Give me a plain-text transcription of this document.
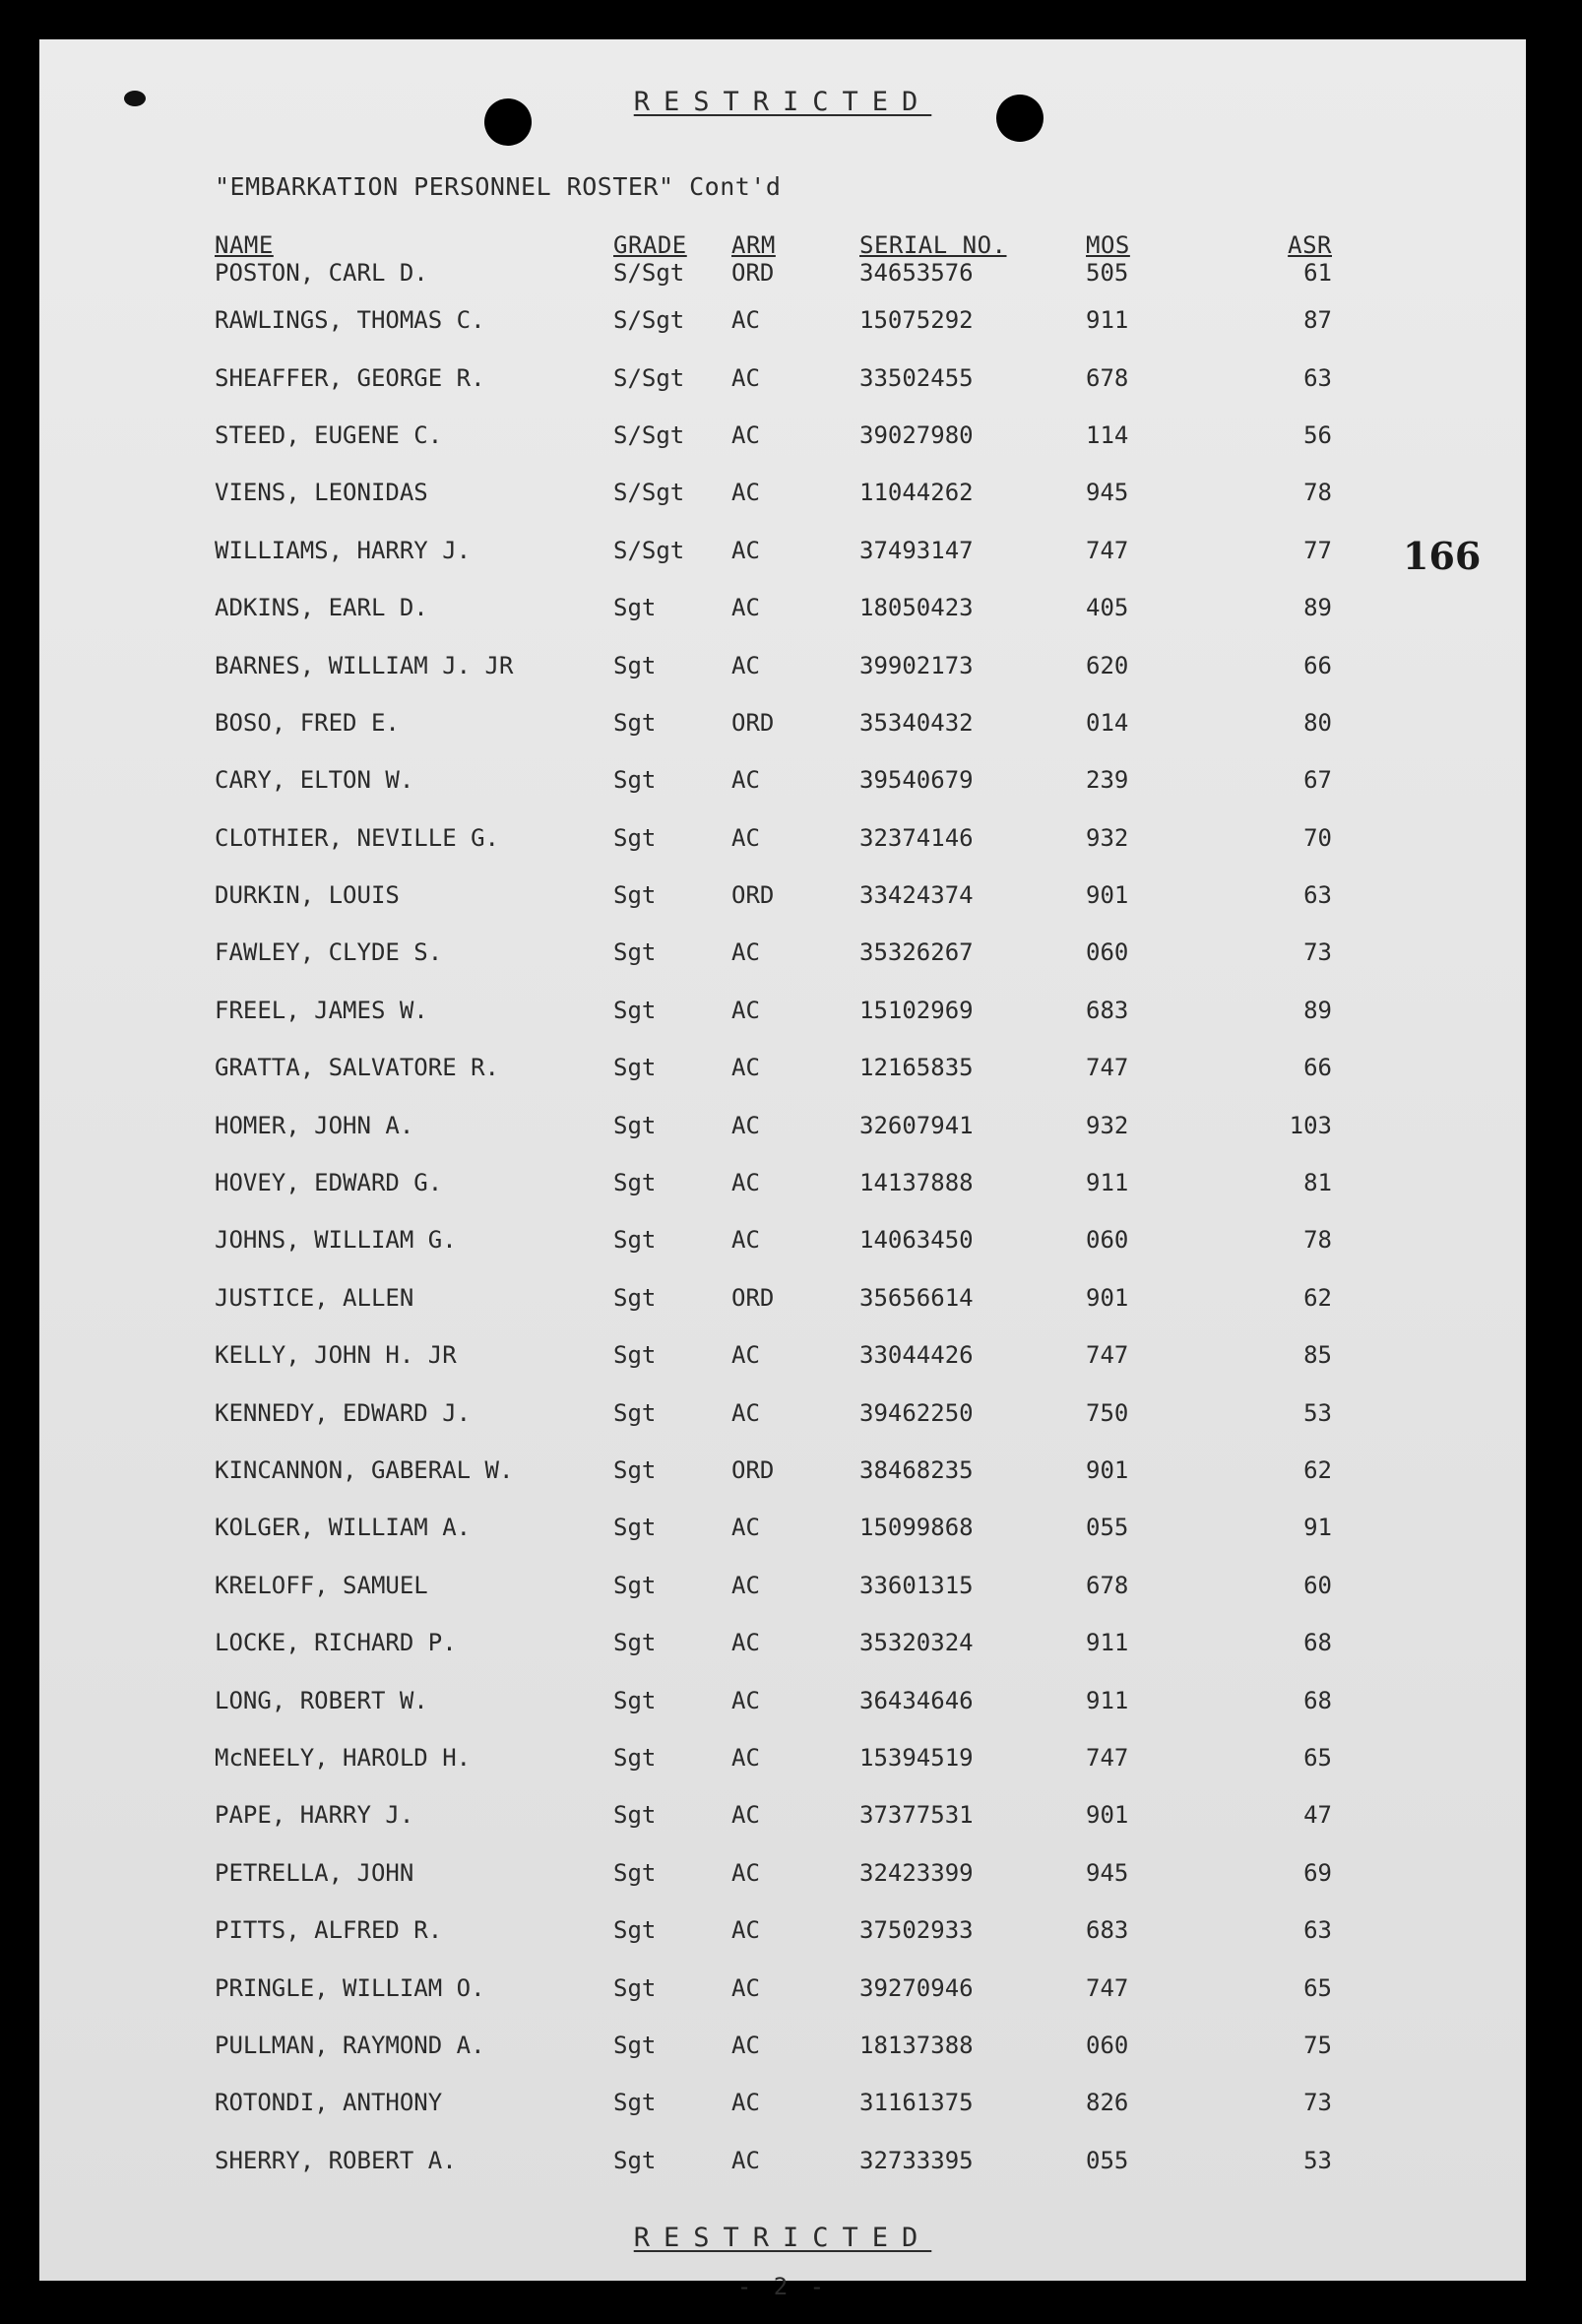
RESTRICTED
"EMBARKATION PERSONNEL ROSTER" Cont'd
166
NAME	GRADE	ARM	SERIAL NO.	MOS	ASR
POSTON, CARL D.	S/Sgt	ORD	34653576	505	61
RAWLINGS, THOMAS C.	S/Sgt	AC	15075292	911	87
SHEAFFER, GEORGE R.	S/Sgt	AC	33502455	678	63
STEED, EUGENE C.	S/Sgt	AC	39027980	114	56
VIENS, LEONIDAS	S/Sgt	AC	11044262	945	78
WILLIAMS, HARRY J.	S/Sgt	AC	37493147	747	77
ADKINS, EARL D.	Sgt	AC	18050423	405	89
BARNES, WILLIAM J. JR	Sgt	AC	39902173	620	66
BOSO, FRED E.	Sgt	ORD	35340432	014	80
CARY, ELTON W.	Sgt	AC	39540679	239	67
CLOTHIER, NEVILLE G.	Sgt	AC	32374146	932	70
DURKIN, LOUIS	Sgt	ORD	33424374	901	63
FAWLEY, CLYDE S.	Sgt	AC	35326267	060	73
FREEL, JAMES W.	Sgt	AC	15102969	683	89
GRATTA, SALVATORE R.	Sgt	AC	12165835	747	66
HOMER, JOHN A.	Sgt	AC	32607941	932	103
HOVEY, EDWARD G.	Sgt	AC	14137888	911	81
JOHNS, WILLIAM G.	Sgt	AC	14063450	060	78
JUSTICE, ALLEN	Sgt	ORD	35656614	901	62
KELLY, JOHN H. JR	Sgt	AC	33044426	747	85
KENNEDY, EDWARD J.	Sgt	AC	39462250	750	53
KINCANNON, GABERAL W.	Sgt	ORD	38468235	901	62
KOLGER, WILLIAM A.	Sgt	AC	15099868	055	91
KRELOFF, SAMUEL	Sgt	AC	33601315	678	60
LOCKE, RICHARD P.	Sgt	AC	35320324	911	68
LONG, ROBERT W.	Sgt	AC	36434646	911	68
McNEELY, HAROLD H.	Sgt	AC	15394519	747	65
PAPE, HARRY J.	Sgt	AC	37377531	901	47
PETRELLA, JOHN	Sgt	AC	32423399	945	69
PITTS, ALFRED R.	Sgt	AC	37502933	683	63
PRINGLE, WILLIAM O.	Sgt	AC	39270946	747	65
PULLMAN, RAYMOND A.	Sgt	AC	18137388	060	75
ROTONDI, ANTHONY	Sgt	AC	31161375	826	73
SHERRY, ROBERT A.	Sgt	AC	32733395	055	53
RESTRICTED
- 2 -
